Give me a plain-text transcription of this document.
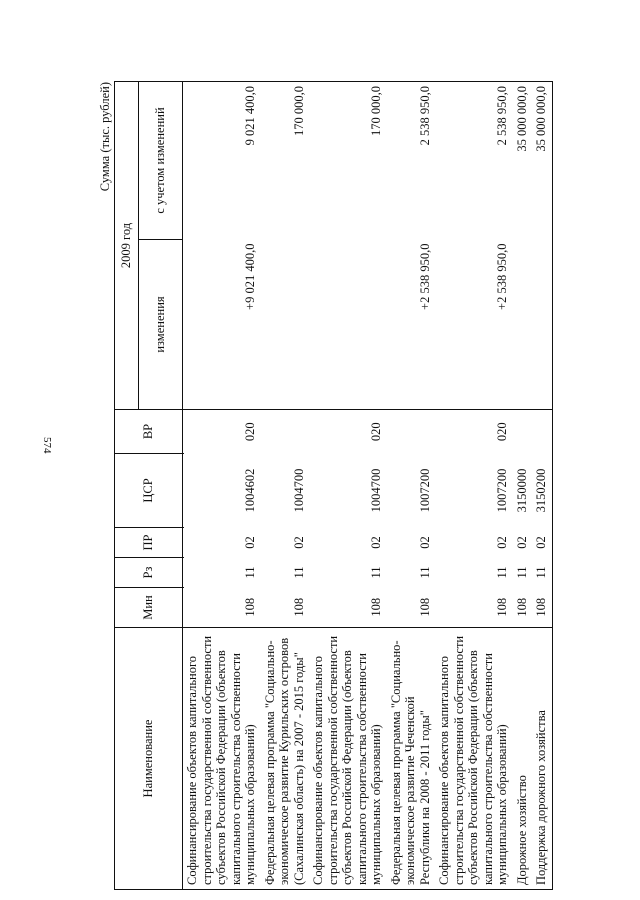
574
Сумма (тыс. рублей)
Наименование	Мин	Рз	ПР	ЦСР	ВР	2009 год	
						изменения	с учетом изменений

Софинансирование объектов капитального строительства государственной собственности субъектов Российской Федерации (объектов капитального строительства собственности муниципальных образований)	108	11	02	1004602	020	+9 021 400,0	9 021 400,0
Федеральная целевая программа "Социально-экономическое развитие Курильских островов (Сахалинская область) на 2007 - 2015 годы"	108	11	02	1004700			170 000,0
Софинансирование объектов капитального строительства государственной собственности субъектов Российской Федерации (объектов капитального строительства собственности муниципальных образований)	108	11	02	1004700	020		170 000,0
Федеральная целевая программа "Социально-экономическое развитие Чеченской Республики на 2008 - 2011 годы"	108	11	02	1007200		+2 538 950,0	2 538 950,0
Софинансирование объектов капитального строительства государственной собственности субъектов Российской Федерации (объектов капитального строительства собственности муниципальных образований)	108	11	02	1007200	020	+2 538 950,0	2 538 950,0
Дорожное хозяйство	108	11	02	3150000			35 000 000,0
Поддержка дорожного хозяйства	108	11	02	3150200			35 000 000,0
